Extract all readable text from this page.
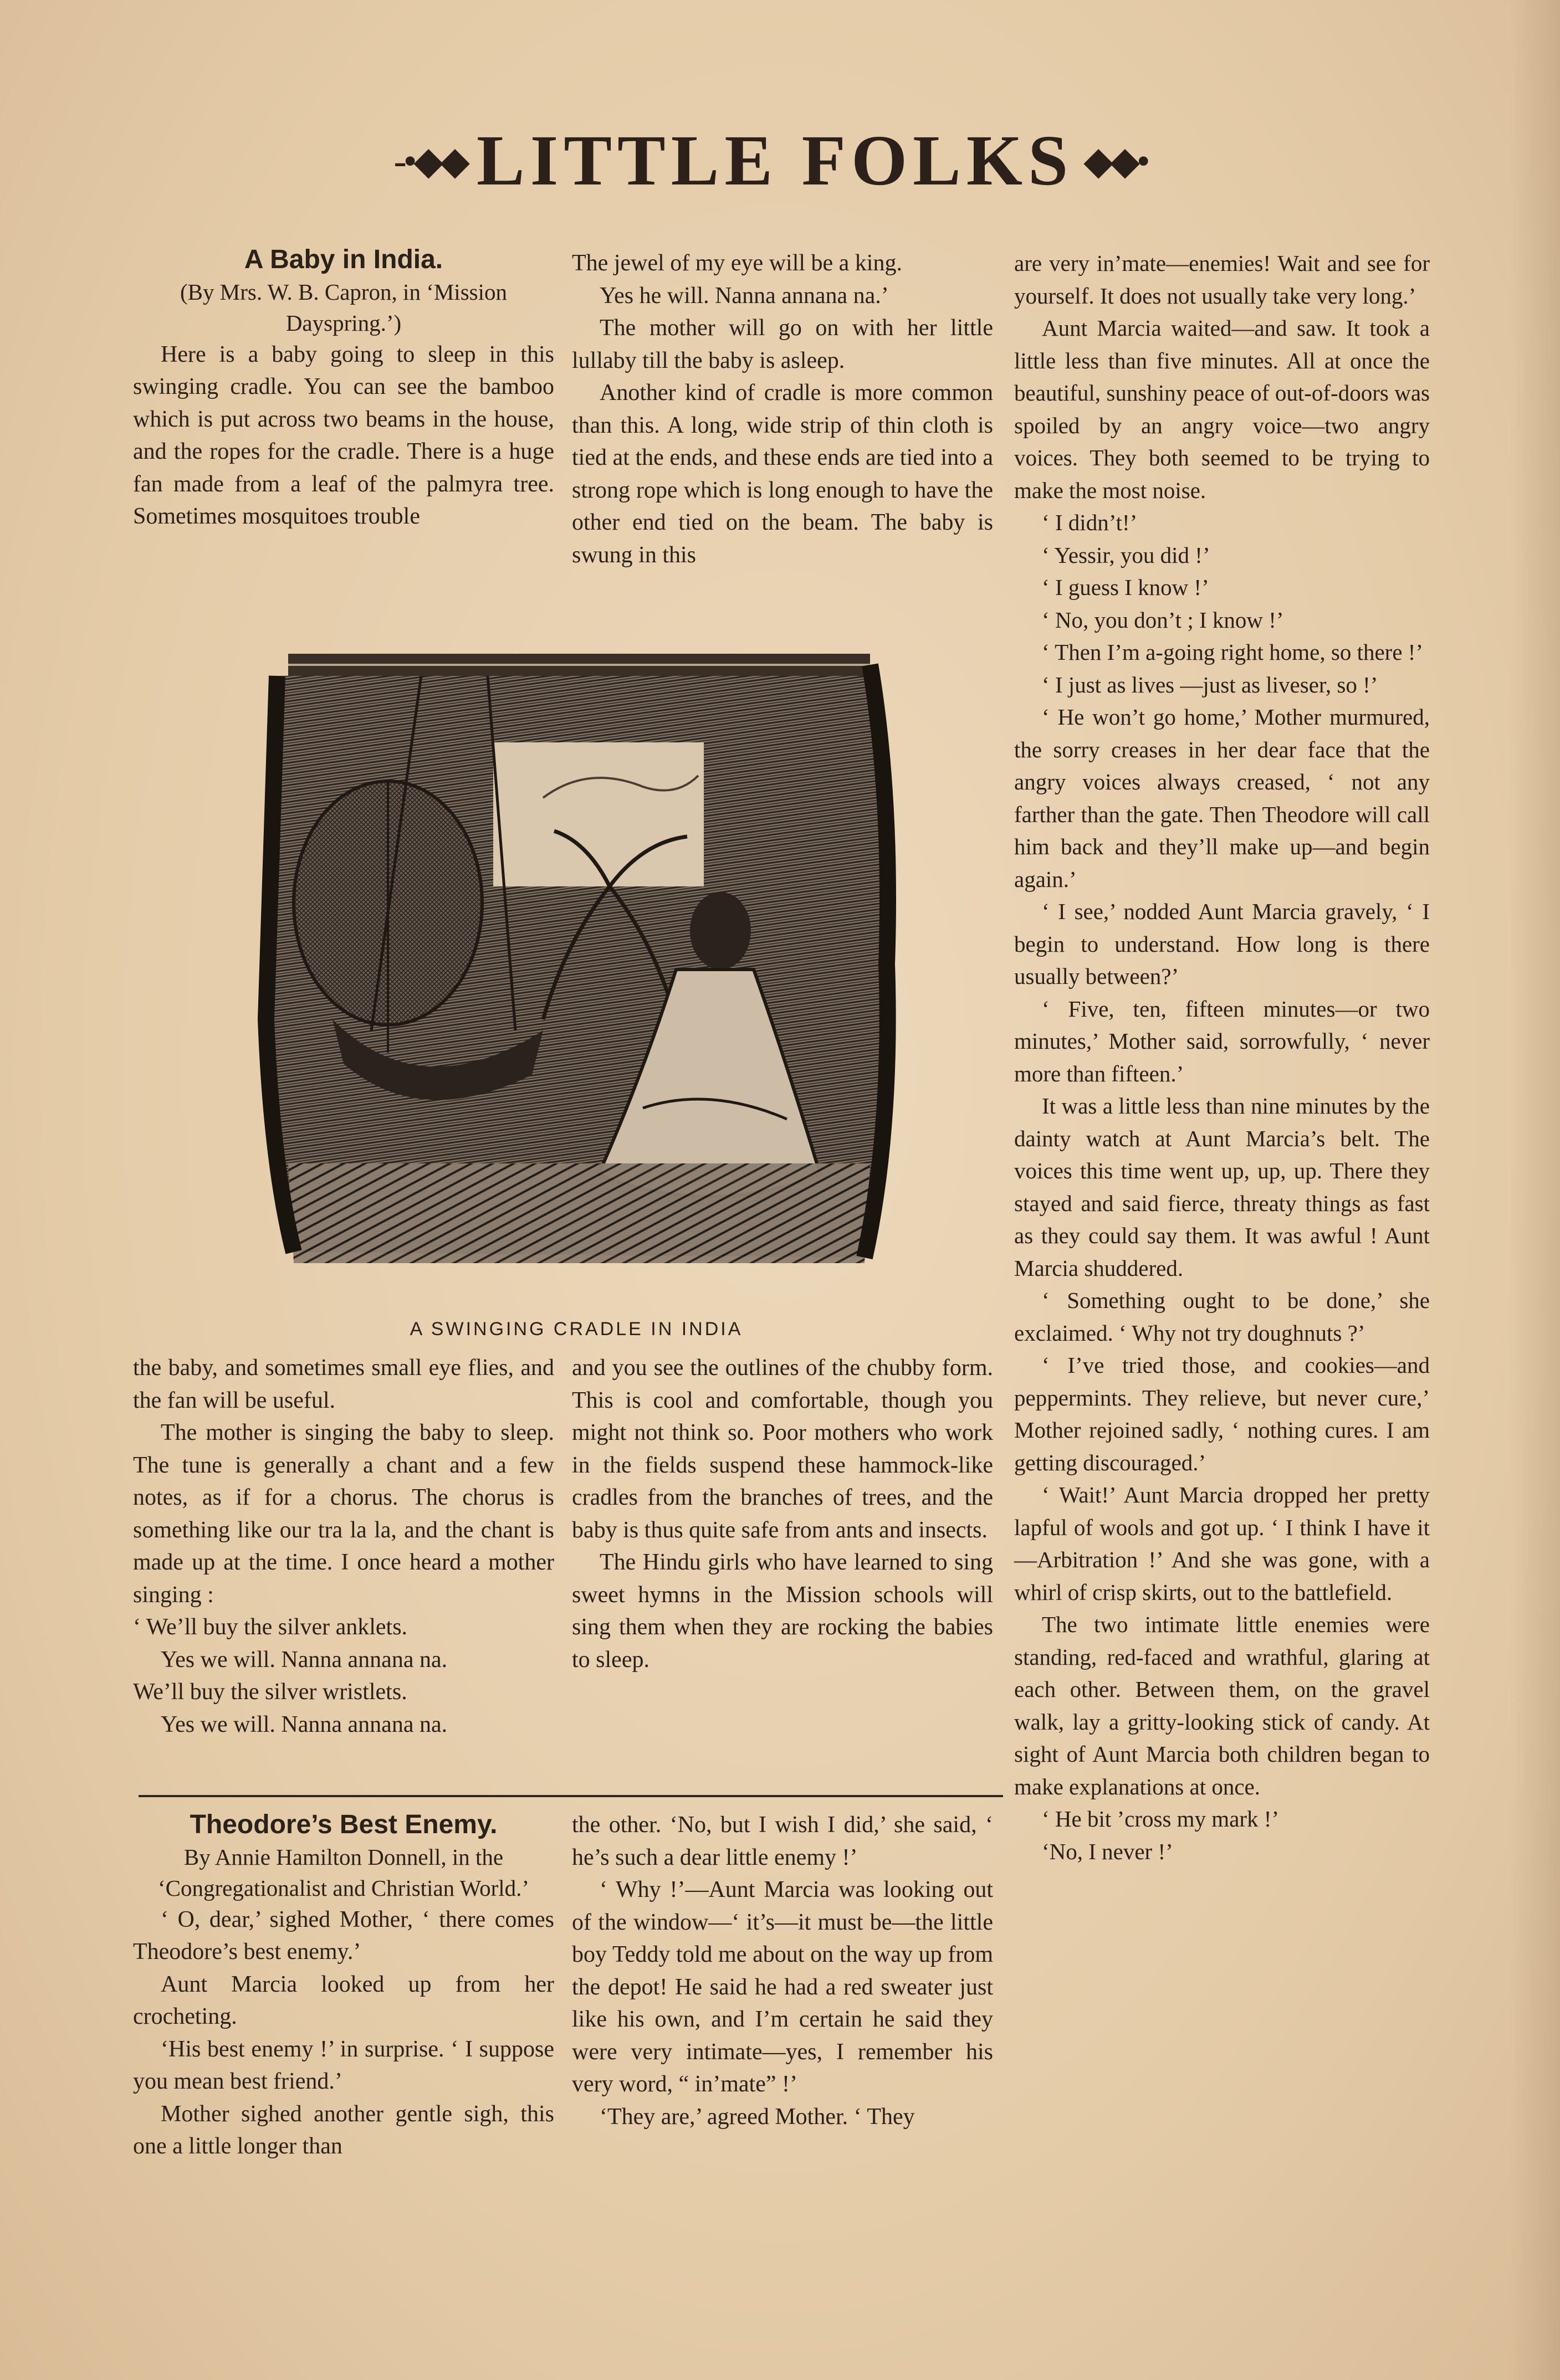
-•◆◆ LITTLE FOLKS ◆◆•

A Baby in India.

(By Mrs. W. B. Capron, in ‘Mission Dayspring.’)

Here is a baby going to sleep in this swinging cradle. You can see the bamboo which is put across two beams in the house, and the ropes for the cradle. There is a huge fan made from a leaf of the palmyra tree. Sometimes mosquitoes trouble

The jewel of my eye will be a king.

Yes he will. Nanna annana na.’

The mother will go on with her little lullaby till the baby is asleep.

Another kind of cradle is more common than this. A long, wide strip of thin cloth is tied at the ends, and these ends are tied into a strong rope which is long enough to have the other end tied on the beam. The baby is swung in this

A SWINGING CRADLE IN INDIA

the baby, and sometimes small eye flies, and the fan will be useful.

The mother is singing the baby to sleep. The tune is generally a chant and a few notes, as if for a chorus. The chorus is something like our tra la la, and the chant is made up at the time. I once heard a mother singing :

‘ We’ll buy the silver anklets.

Yes we will. Nanna annana na.

We’ll buy the silver wristlets.

Yes we will. Nanna annana na.

and you see the outlines of the chubby form. This is cool and comfortable, though you might not think so. Poor mothers who work in the fields suspend these hammock-like cradles from the branches of trees, and the baby is thus quite safe from ants and insects.

The Hindu girls who have learned to sing sweet hymns in the Mission schools will sing them when they are rocking the babies to sleep.

Theodore’s Best Enemy.

By Annie Hamilton Donnell, in the ‘Congregationalist and Christian World.’

‘ O, dear,’ sighed Mother, ‘ there comes Theodore’s best enemy.’

Aunt Marcia looked up from her crocheting.

‘His best enemy !’ in surprise. ‘ I suppose you mean best friend.’

Mother sighed another gentle sigh, this one a little longer than

the other. ‘No, but I wish I did,’ she said, ‘ he’s such a dear little enemy !’

‘ Why !’—Aunt Marcia was looking out of the window—‘ it’s—it must be—the little boy Teddy told me about on the way up from the depot! He said he had a red sweater just like his own, and I’m certain he said they were very intimate—yes, I remember his very word, “ in’mate” !’

‘They are,’ agreed Mother. ‘ They

are very in’mate—enemies! Wait and see for yourself. It does not usually take very long.’

Aunt Marcia waited—and saw. It took a little less than five minutes. All at once the beautiful, sunshiny peace of out-of-doors was spoiled by an angry voice—two angry voices. They both seemed to be trying to make the most noise.

‘ I didn’t!’

‘ Yessir, you did !’

‘ I guess I know !’

‘ No, you don’t ; I know !’

‘ Then I’m a-going right home, so there !’

‘ I just as lives —just as liveser, so !’

‘ He won’t go home,’ Mother murmured, the sorry creases in her dear face that the angry voices always creased, ‘ not any farther than the gate. Then Theodore will call him back and they’ll make up—and begin again.’

‘ I see,’ nodded Aunt Marcia gravely, ‘ I begin to understand. How long is there usually between?’

‘ Five, ten, fifteen minutes—or two minutes,’ Mother said, sorrowfully, ‘ never more than fifteen.’

It was a little less than nine minutes by the dainty watch at Aunt Marcia’s belt. The voices this time went up, up, up. There they stayed and said fierce, threaty things as fast as they could say them. It was awful ! Aunt Marcia shuddered.

‘ Something ought to be done,’ she exclaimed. ‘ Why not try doughnuts ?’

‘ I’ve tried those, and cookies—and peppermints. They relieve, but never cure,’ Mother rejoined sadly, ‘ nothing cures. I am getting discouraged.’

‘ Wait!’ Aunt Marcia dropped her pretty lapful of wools and got up. ‘ I think I have it—Arbitration !’ And she was gone, with a whirl of crisp skirts, out to the battlefield.

The two intimate little enemies were standing, red-faced and wrathful, glaring at each other. Between them, on the gravel walk, lay a gritty-looking stick of candy. At sight of Aunt Marcia both children began to make explanations at once.

‘ He bit ’cross my mark !’

‘No, I never !’
